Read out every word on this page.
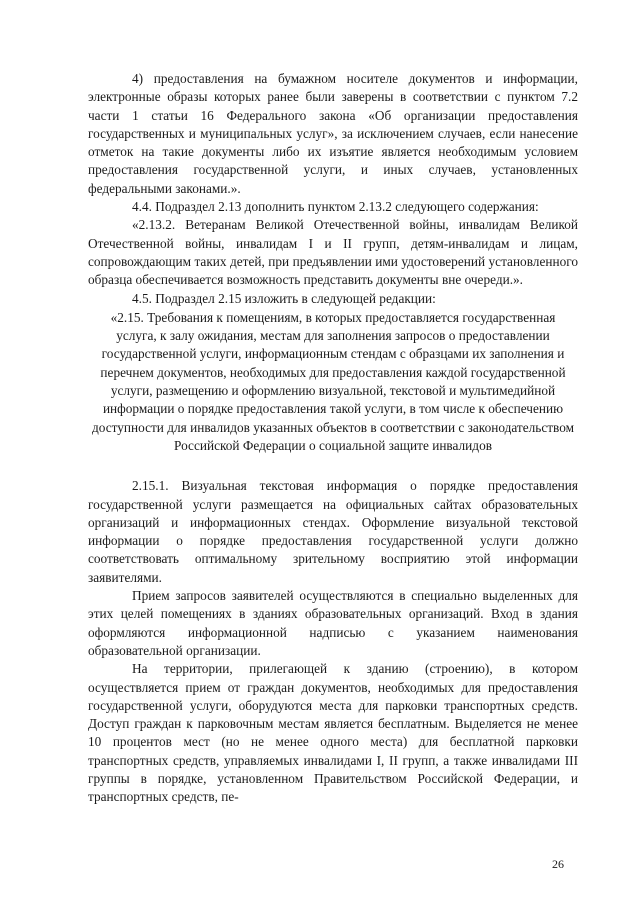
4) предоставления на бумажном носителе документов и информации, электронные образы которых ранее были заверены в соответствии с пунктом 7.2 части 1 статьи 16 Федерального закона «Об организации предоставления государственных и муниципальных услуг», за исключением случаев, если нанесение отметок на такие документы либо их изъятие является необходимым условием предоставления государственной услуги, и иных случаев, установленных федеральными законами.».

4.4. Подраздел 2.13 дополнить пунктом 2.13.2 следующего содержания:

«2.13.2. Ветеранам Великой Отечественной войны, инвалидам Великой Отечественной войны, инвалидам I и II групп, детям-инвалидам и лицам, сопровождающим таких детей, при предъявлении ими удостоверений установленного образца обеспечивается возможность представить документы вне очереди.».

4.5. Подраздел 2.15 изложить в следующей редакции:

«2.15. Требования к помещениям, в которых предоставляется государственная услуга, к залу ожидания, местам для заполнения запросов о предоставлении государственной услуги, информационным стендам с образцами их заполнения и перечнем документов, необходимых для предоставления каждой государственной услуги, размещению и оформлению визуальной, текстовой и мультимедийной информации о порядке предоставления такой услуги, в том числе к обеспечению доступности для инвалидов указанных объектов в соответствии с законодательством Российской Федерации о социальной защите инвалидов

2.15.1. Визуальная текстовая информация о порядке предоставления государственной услуги размещается на официальных сайтах образовательных организаций и информационных стендах. Оформление визуальной текстовой информации о порядке предоставления государственной услуги должно соответствовать оптимальному зрительному восприятию этой информации заявителями.

Прием запросов заявителей осуществляются в специально выделенных для этих целей помещениях в зданиях образовательных организаций. Вход в здания оформляются информационной надписью с указанием наименования образовательной организации.

На территории, прилегающей к зданию (строению), в котором осуществляется прием от граждан документов, необходимых для предоставления государственной услуги, оборудуются места для парковки транспортных средств. Доступ граждан к парковочным местам является бесплатным. Выделяется не менее 10 процентов мест (но не менее одного места) для бесплатной парковки транспортных средств, управляемых инвалидами I, II групп, а также инвалидами III группы в порядке, установленном Правительством Российской Федерации, и транспортных средств, пе-

26
